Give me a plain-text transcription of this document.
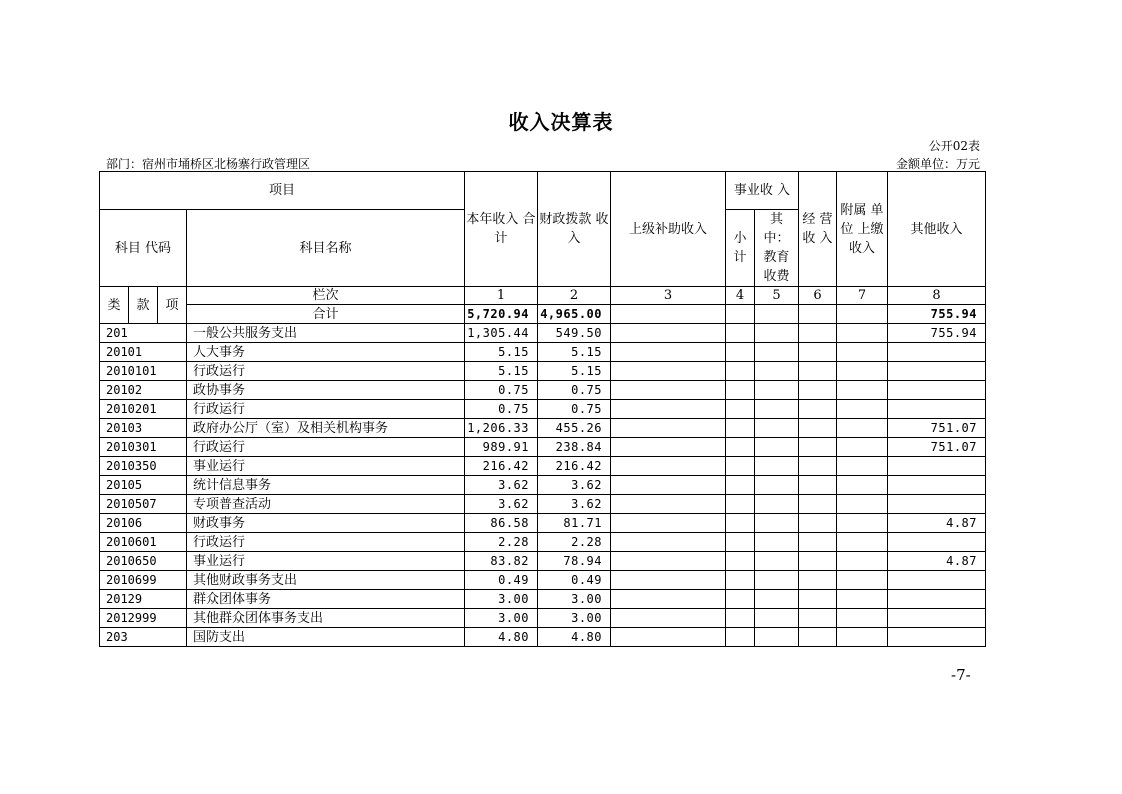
收入决算表
公开02表
部门：宿州市埇桥区北杨寨行政管理区	金额单位：万元
项目				本年收入 合计	财政拨款 收入	上级补助收入	事业收 入		经 营 收 入	附属 单位 上缴 收入	其他收入
科目 代码			科目名称				小 计	其 中： 教育 收费			

类	款	项	栏次	1	2	3	4	5	6	7	8
			合计	5,720.94	4,965.00						755.94
201			一般公共服务支出	1,305.44	549.50						755.94
20101			人大事务	5.15	5.15						
2010101			行政运行	5.15	5.15						
20102			政协事务	0.75	0.75						
2010201			行政运行	0.75	0.75						
20103			政府办公厅（室）及相关机构事务	1,206.33	455.26						751.07
2010301			行政运行	989.91	238.84						751.07
2010350			事业运行	216.42	216.42						
20105			统计信息事务	3.62	3.62						
2010507			专项普查活动	3.62	3.62						
20106			财政事务	86.58	81.71						4.87
2010601			行政运行	2.28	2.28						
2010650			事业运行	83.82	78.94						4.87
2010699			其他财政事务支出	0.49	0.49						
20129			群众团体事务	3.00	3.00						
2012999			其他群众团体事务支出	3.00	3.00						
203			国防支出	4.80	4.80						
-7-
